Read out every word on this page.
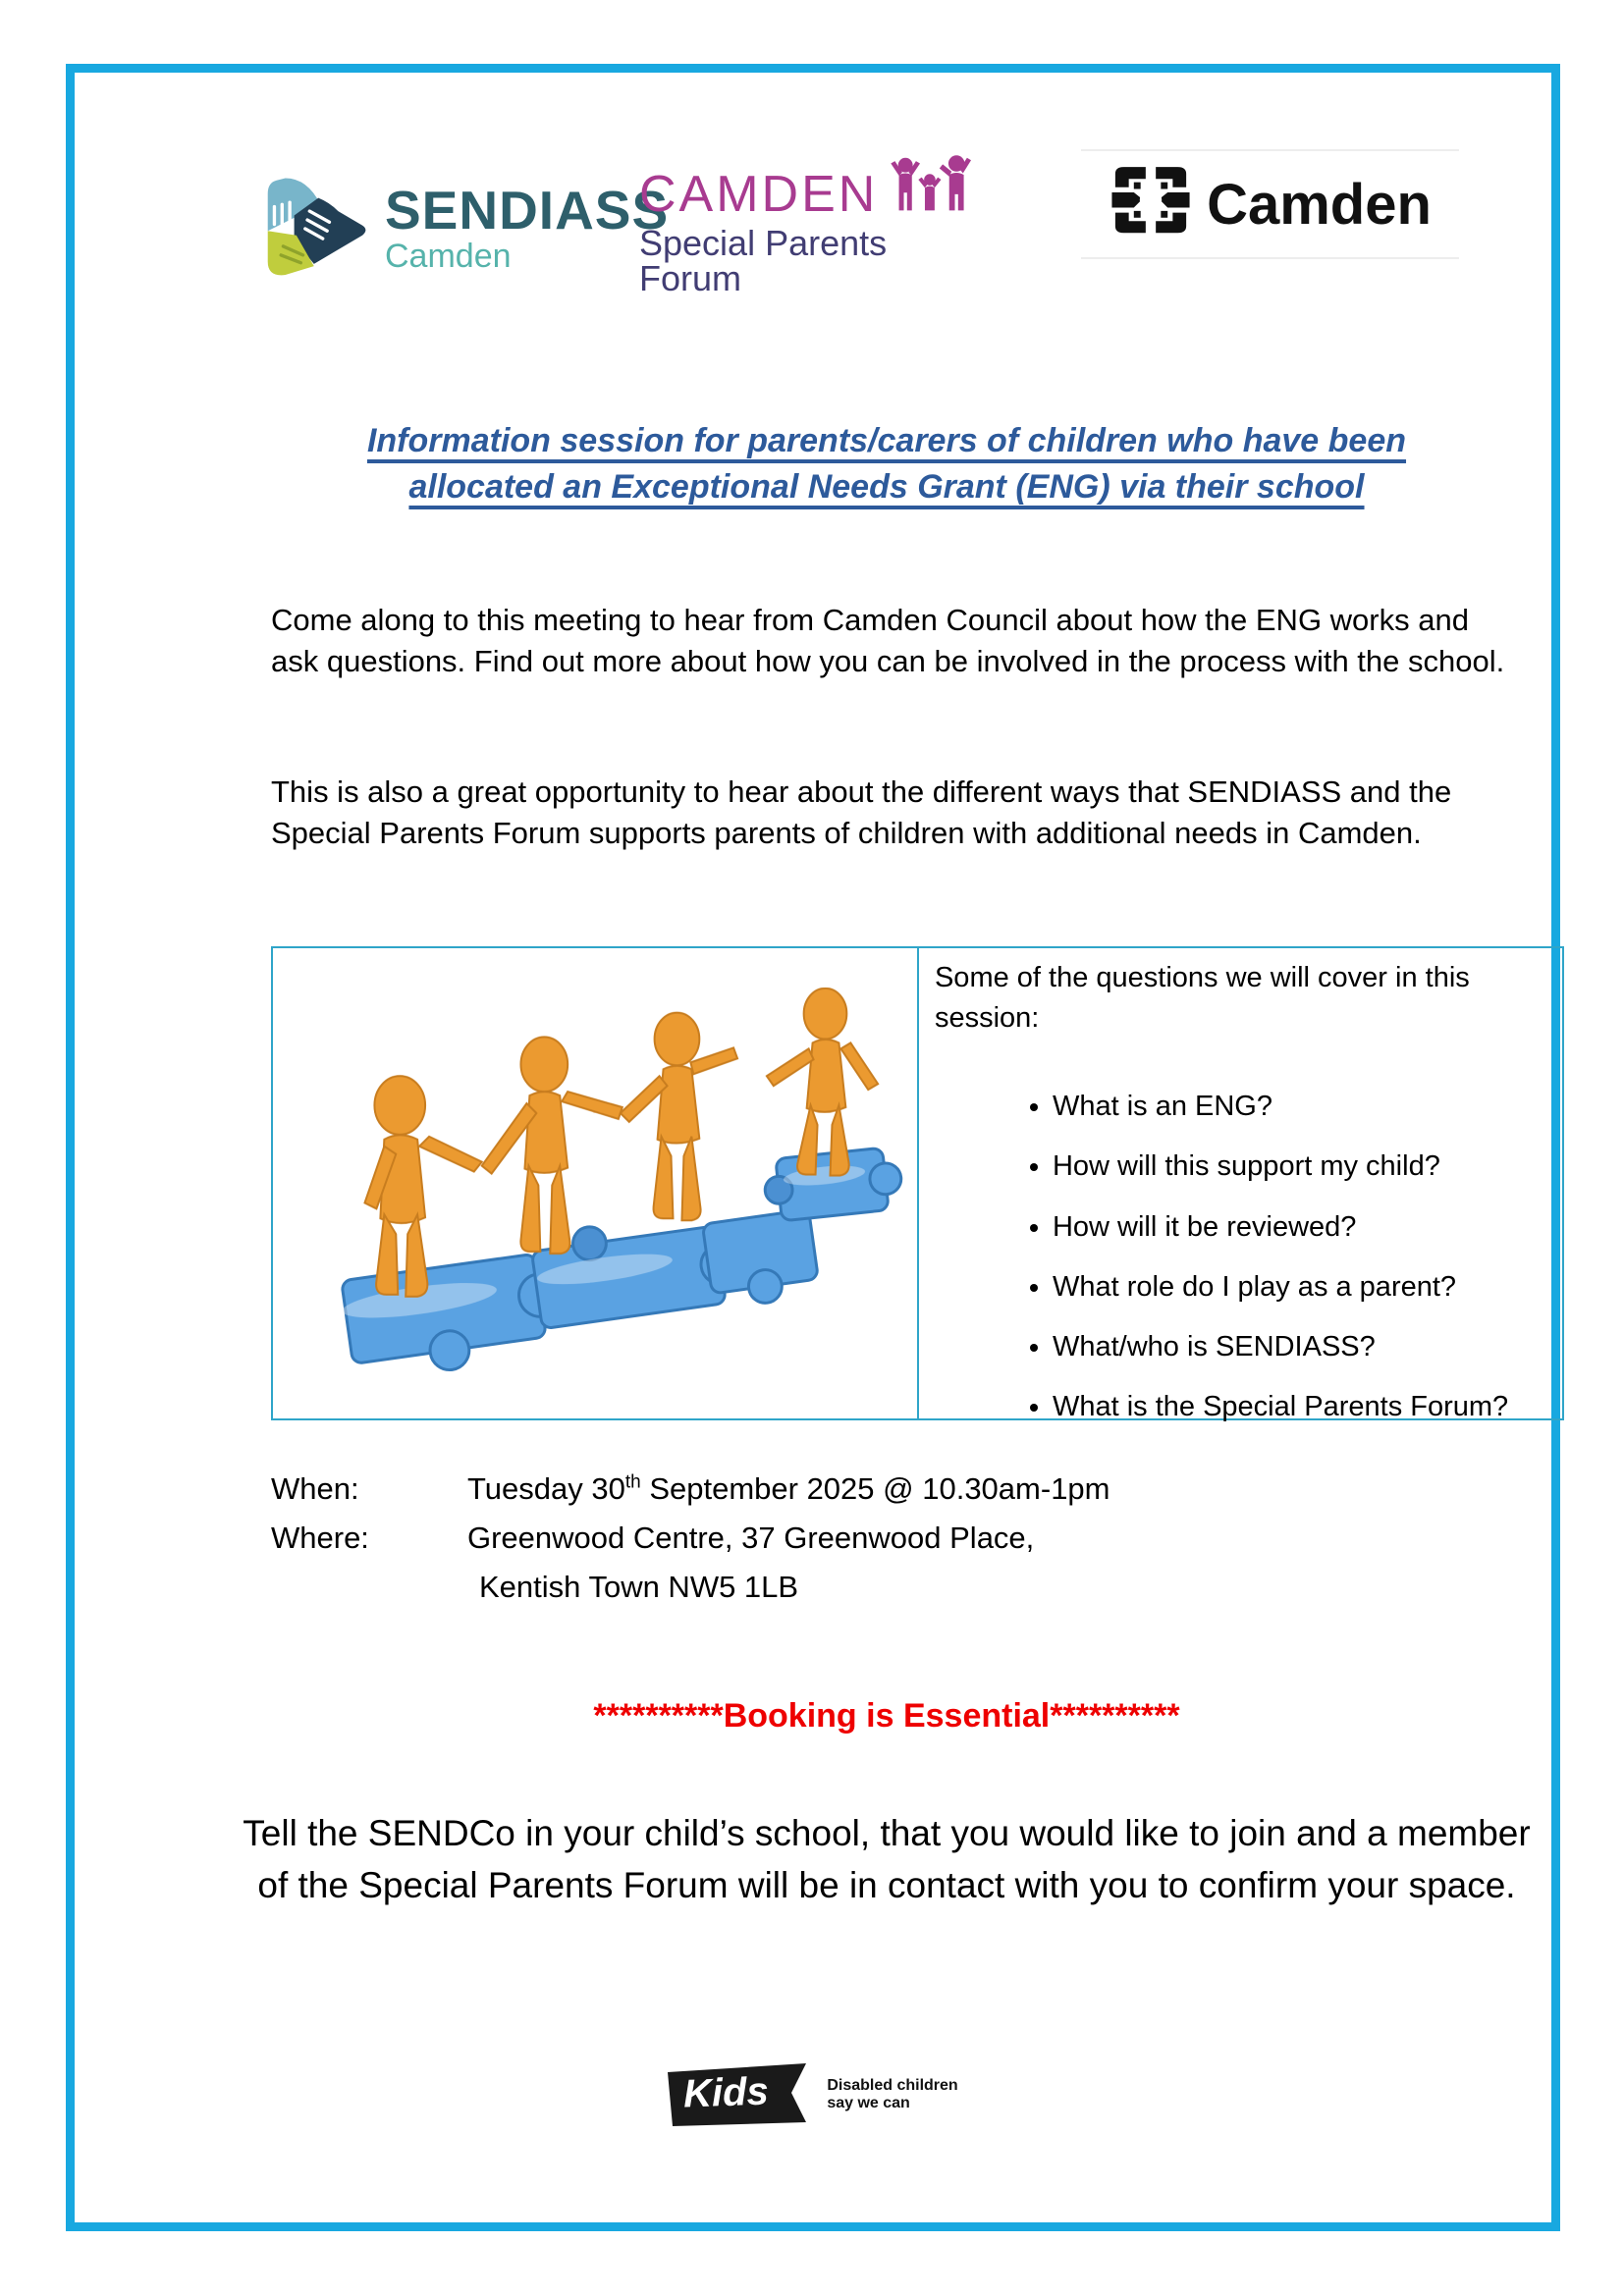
SENDIASS
Camden
CAMDEN
Special Parents Forum
Camden
Information session for parents/carers of children who have been
allocated an Exceptional Needs Grant (ENG) via their school

Come along to this meeting to hear from Camden Council about how the ENG works and ask questions. Find out more about how you can be involved in the process with the school.

This is also a great opportunity to hear about the different ways that SENDIASS and the Special Parents Forum supports parents of children with additional needs in Camden.

Some of the questions we will cover in this session:

• What is an ENG?
• How will this support my child?
• How will it be reviewed?
• What role do I play as a parent?
• What/who is SENDIASS?
• What is the Special Parents Forum?
When:	Tuesday 30th September 2025 @ 10.30am-1pm
Where:	Greenwood Centre, 37 Greenwood Place,
Kentish Town NW5 1LB

**********Booking is Essential**********

Tell the SENDCo in your child’s school, that you would like to join and a member of the Special Parents Forum will be in contact with you to confirm your space.

Kids	Disabled children
say we can
